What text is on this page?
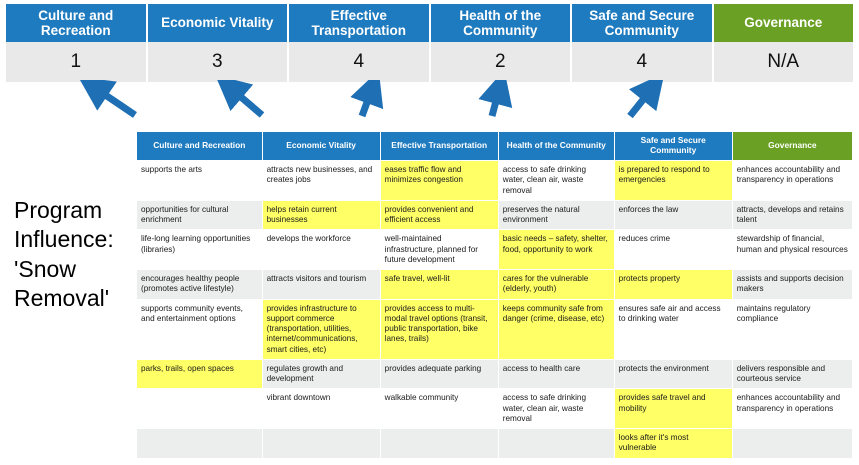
Culture and Recreation
Economic Vitality
Effective Transportation
Health of the Community
Safe and Secure Community
Governance
1	3	4	2	4	N/A
Program
Influence:
'Snow
Removal'
Culture and Recreation	Economic Vitality	Effective Transportation	Health of the Community	Safe and Secure Community	Governance
supports the arts	attracts new businesses, and creates jobs	eases traffic flow and minimizes congestion	access to safe drinking water, clean air, waste removal	is prepared to respond to emergencies	enhances accountability and transparency in operations
opportunities for cultural enrichment	helps retain current businesses	provides convenient and efficient access	preserves the natural environment	enforces the law	attracts, develops and retains talent
life-long learning opportunities (libraries)	develops the workforce	well-maintained infrastructure, planned for future development	basic needs – safety, shelter, food, opportunity to work	reduces crime	stewardship of financial, human and physical resources
encourages healthy people (promotes active lifestyle)	attracts visitors and tourism	safe travel, well-lit	cares for the vulnerable (elderly, youth)	protects property	assists and supports decision makers
supports community events, and entertainment options	provides infrastructure to support commerce (transportation, utilities, internet/communications, smart cities, etc)	provides access to multi-modal travel options (transit, public transportation, bike lanes, trails)	keeps community safe from danger (crime, disease, etc)	ensures safe air and access to drinking water	maintains regulatory compliance
parks, trails, open spaces	regulates growth and development	provides adequate parking	access to health care	protects the environment	delivers responsible and courteous service
	vibrant downtown	walkable community	access to safe drinking water, clean air, waste removal	provides safe travel and mobility	enhances accountability and transparency in operations
				looks after it's most vulnerable	
